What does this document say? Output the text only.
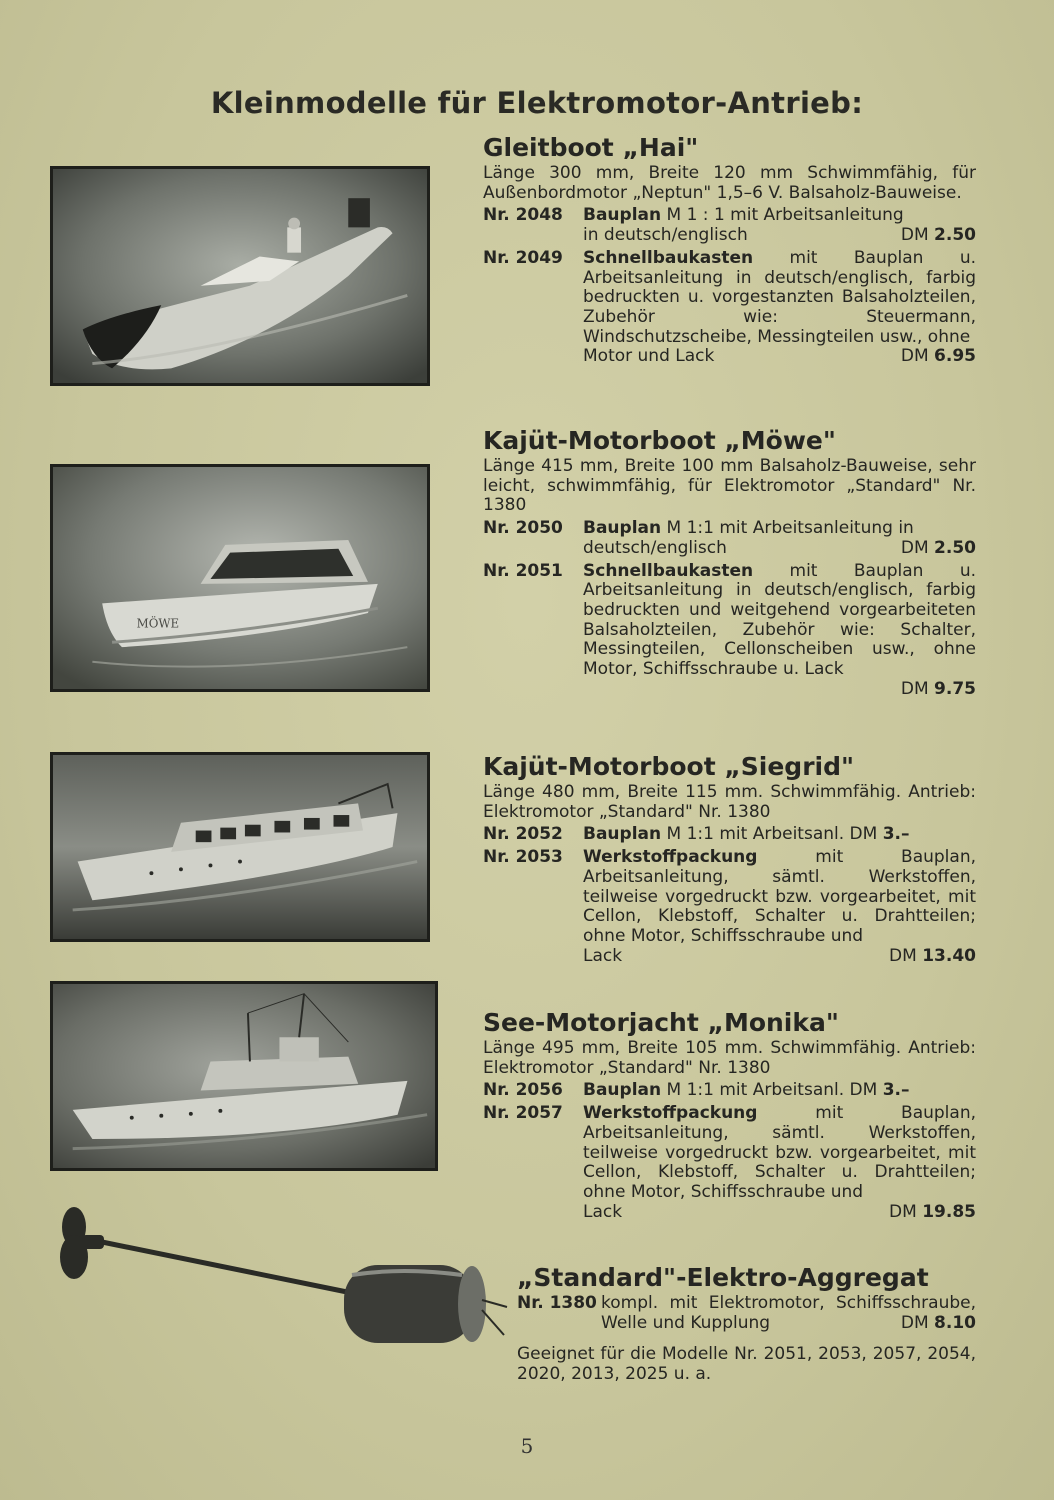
Kleinmodelle für Elektromotor-Antrieb:
MÖWE
Gleitboot „Hai"
Länge 300 mm, Breite 120 mm Schwimmfähig, für Außenbordmotor „Neptun" 1,5–6 V. Balsaholz-Bauweise.
Nr. 2048	Bauplan M 1 : 1 mit Arbeitsanleitung
in deutsch/englisch	DM 2.50
Nr. 2049	Schnellbaukasten mit Bauplan u. Arbeitsanleitung in deutsch/englisch, farbig bedruckten u. vorgestanzten Balsaholzteilen, Zubehör wie: Steuermann, Windschutzscheibe, Messingteilen usw., ohne
Motor und Lack	DM 6.95
Kajüt-Motorboot „Möwe"
Länge 415 mm, Breite 100 mm Balsaholz-Bauweise, sehr leicht, schwimmfähig, für Elektromotor „Standard" Nr. 1380
Nr. 2050	Bauplan M 1:1 mit Arbeitsanleitung in
deutsch/englisch	DM 2.50
Nr. 2051	Schnellbaukasten mit Bauplan u. Arbeitsanleitung in deutsch/englisch, farbig bedruckten und weitgehend vorgearbeiteten Balsaholzteilen, Zubehör wie: Schalter, Messingteilen, Cellonscheiben usw., ohne Motor, Schiffsschraube u. Lack
DM 9.75
Kajüt-Motorboot „Siegrid"
Länge 480 mm, Breite 115 mm. Schwimmfähig. Antrieb: Elektromotor „Standard" Nr. 1380
Nr. 2052	Bauplan M 1:1 mit Arbeitsanl. DM 3.–
Nr. 2053	Werkstoffpackung	mit Bauplan, Arbeitsanleitung, sämtl. Werkstoffen, teilweise vorgedruckt bzw. vorgearbeitet, mit Cellon, Klebstoff, Schalter u. Drahtteilen; ohne Motor, Schiffsschraube und
Lack	DM 13.40
See-Motorjacht „Monika"
Länge 495 mm, Breite 105 mm. Schwimmfähig. Antrieb: Elektromotor „Standard" Nr. 1380
Nr. 2056	Bauplan M 1:1 mit Arbeitsanl. DM 3.–
Nr. 2057	Werkstoffpackung	mit Bauplan, Arbeitsanleitung, sämtl. Werkstoffen, teilweise vorgedruckt bzw. vorgearbeitet, mit Cellon, Klebstoff, Schalter u. Drahtteilen; ohne Motor, Schiffsschraube und
Lack	DM 19.85
„Standard"-Elektro-Aggregat
Nr. 1380 kompl. mit Elektromotor, Schiffsschraube, Welle und Kupplung	DM 8.10
Geeignet für die Modelle Nr. 2051, 2053, 2057, 2054, 2020, 2013, 2025 u. a.
5
